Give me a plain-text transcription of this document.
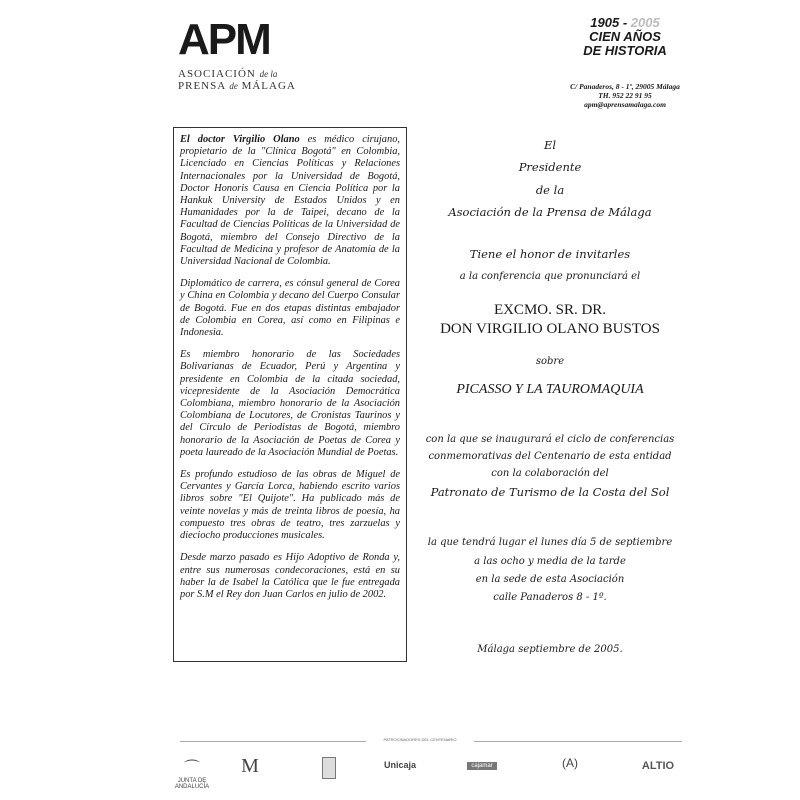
APM
ASOCIACIÓN de la
PRENSA de MÁLAGA
1905 - 2005
CIEN AÑOS
DE HISTORIA
C/ Panaderos, 8 - 1º, 29005 Málaga
TH. 952 22 91 95
apm@aprensamalaga.com

El doctor Virgilio Olano es médico cirujano, propietario de la "Clínica Bogotá" en Colombia, Licenciado en Ciencias Políticas y Relaciones Internacionales por la Universidad de Bogotá, Doctor Honoris Causa en Ciencia Política por la Hankuk University de Estados Unidos y en Humanidades por la de Taipei, decano de la Facultad de Ciencias Políticas de la Universidad de Bogotá, miembro del Consejo Directivo de la Facultad de Medicina y profesor de Anatomía de la Universidad Nacional de Colombia.

Diplomático de carrera, es cónsul general de Corea y China en Colombia y decano del Cuerpo Consular de Bogotá. Fue en dos etapas distintas embajador de Colombia en Corea, así como en Filipinas e Indonesia.

Es miembro honorario de las Sociedades Bolivarianas de Ecuador, Perú y Argentina y presidente en Colombia de la citada sociedad, vicepresidente de la Asociación Democrática Colombiana, miembro honorario de la Asociación Colombiana de Locutores, de Cronistas Taurinos y del Círculo de Periodistas de Bogotá, miembro honorario de la Asociación de Poetas de Corea y poeta laureado de la Asociación Mundial de Poetas.

Es profundo estudioso de las obras de Miguel de Cervantes y García Lorca, habiendo escrito varios libros sobre "El Quijote". Ha publicado más de veinte novelas y más de treinta libros de poesía, ha compuesto tres obras de teatro, tres zarzuelas y dieciocho producciones musicales.

Desde marzo pasado es Hijo Adoptivo de Ronda y, entre sus numerosas condecoraciones, está en su haber la de Isabel la Católica que le fue entregada por S.M el Rey don Juan Carlos en julio de 2002.

El
Presidente
de la
Asociación de la Prensa de Málaga
Tiene el honor de invitarles
a la conferencia que pronunciará el
EXCMO. SR. DR.
DON VIRGILIO OLANO BUSTOS
sobre
PICASSO Y LA TAUROMAQUIA
con la que se inaugurará el ciclo de conferencias
conmemorativas del Centenario de esta entidad
con la colaboración del
Patronato de Turismo de la Costa del Sol
la que tendrá lugar el lunes día 5 de septiembre
a las ocho y media de la tarde
en la sede de esta Asociación
calle Panaderos 8 - 1º.
Málaga septiembre de 2005.
PATROCINADORES DEL CENTENARIO
⌒
JUNTA DE ANDALUCÍA
M	Unicaja	cajamar	(A)	ALTIO
